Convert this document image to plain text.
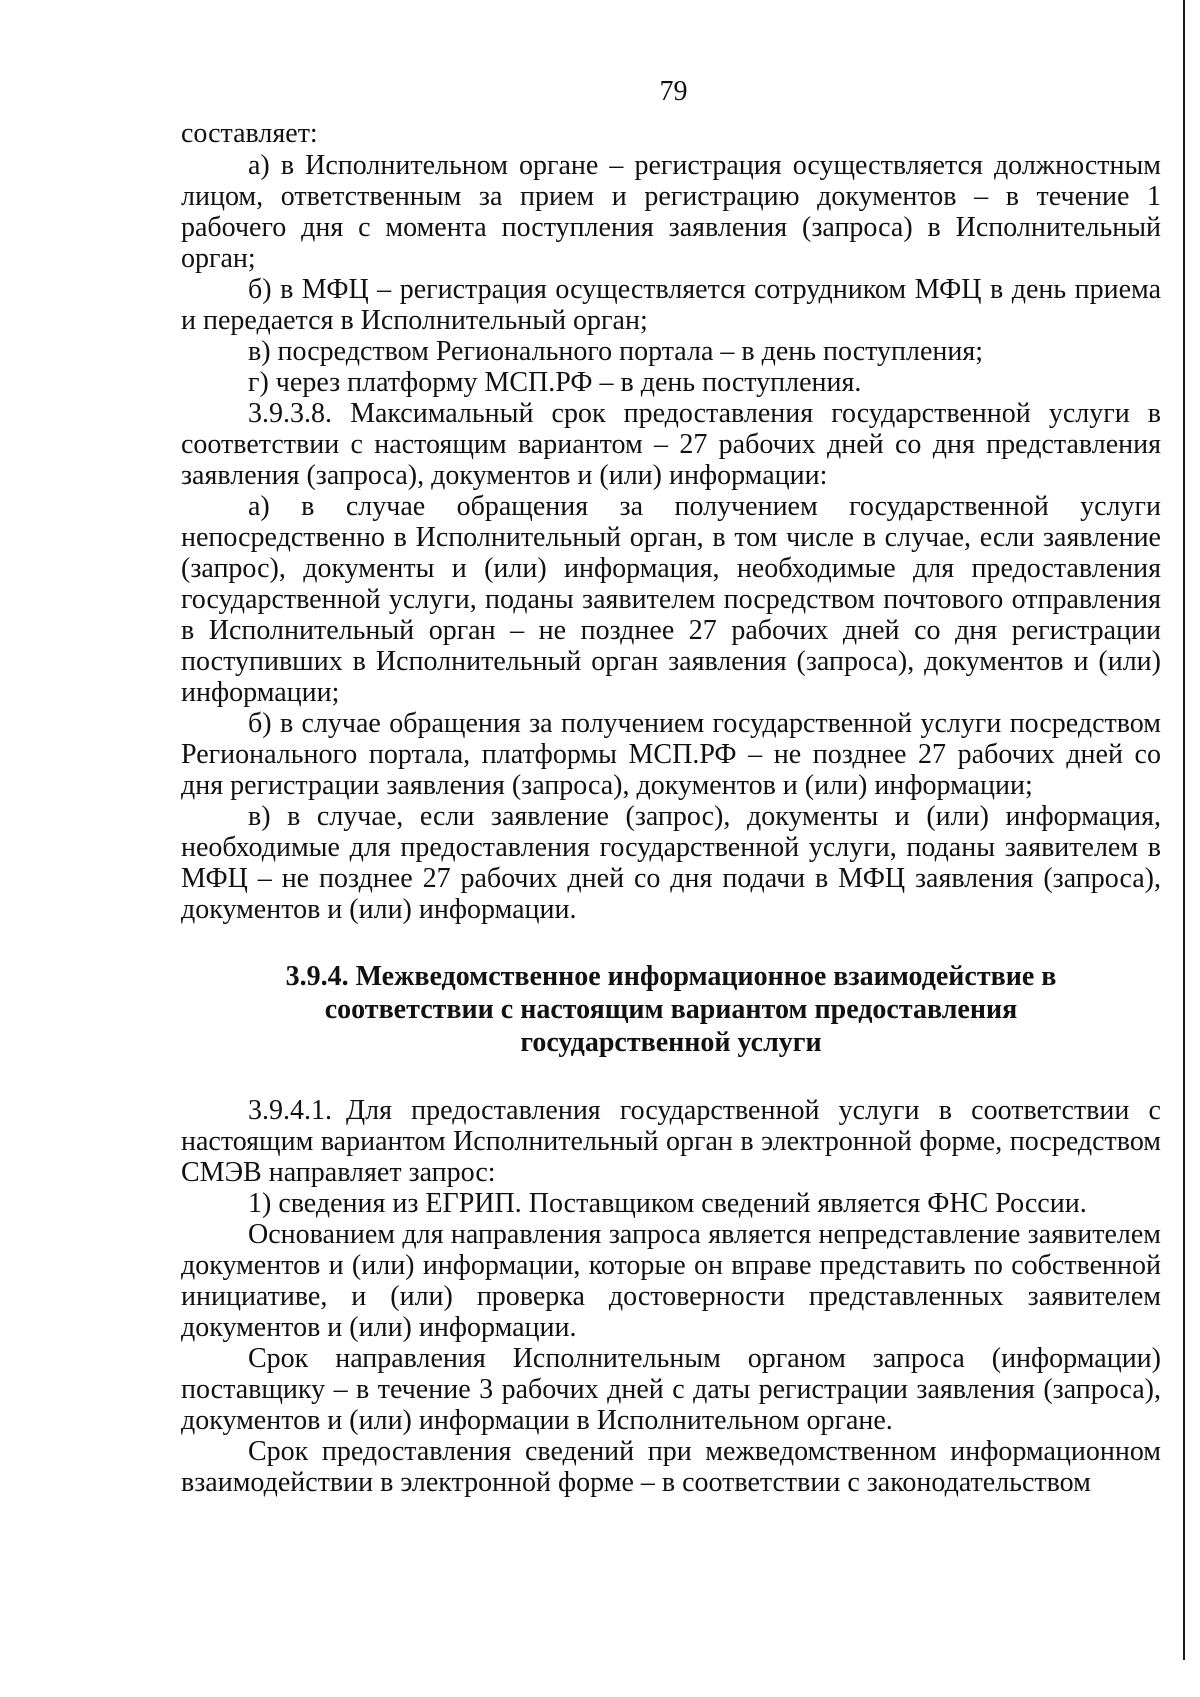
79

составляет:

а) в Исполнительном органе – регистрация осуществляется должностным лицом, ответственным за прием и регистрацию документов – в течение 1 рабочего дня с момента поступления заявления (запроса) в Исполнительный орган;

б) в МФЦ – регистрация осуществляется сотрудником МФЦ в день приема и передается в Исполнительный орган;

в) посредством Регионального портала – в день поступления;

г) через платформу МСП.РФ – в день поступления.

3.9.3.8. Максимальный срок предоставления государственной услуги в соответствии с настоящим вариантом – 27 рабочих дней со дня представления заявления (запроса), документов и (или) информации:

а) в случае обращения за получением государственной услуги непосредственно в Исполнительный орган, в том числе в случае, если заявление (запрос), документы и (или) информация, необходимые для предоставления государственной услуги, поданы заявителем посредством почтового отправления в Исполнительный орган – не позднее 27 рабочих дней со дня регистрации поступивших в Исполнительный орган заявления (запроса), документов и (или) информации;

б) в случае обращения за получением государственной услуги посредством Регионального портала, платформы МСП.РФ – не позднее 27 рабочих дней со дня регистрации заявления (запроса), документов и (или) информации;

в) в случае, если заявление (запрос), документы и (или) информация, необходимые для предоставления государственной услуги, поданы заявителем в МФЦ – не позднее 27 рабочих дней со дня подачи в МФЦ заявления (запроса), документов и (или) информации.

3.9.4. Межведомственное информационное взаимодействие в соответствии с настоящим вариантом предоставления государственной услуги

3.9.4.1. Для предоставления государственной услуги в соответствии с настоящим вариантом Исполнительный орган в электронной форме, посредством СМЭВ направляет запрос:

1) сведения из ЕГРИП. Поставщиком сведений является ФНС России.

Основанием для направления запроса является непредставление заявителем документов и (или) информации, которые он вправе представить по собственной инициативе, и (или) проверка достоверности представленных заявителем документов и (или) информации.

Срок направления Исполнительным органом запроса (информации) поставщику – в течение 3 рабочих дней с даты регистрации заявления (запроса), документов и (или) информации в Исполнительном органе.

Срок предоставления сведений при межведомственном информационном взаимодействии в электронной форме – в соответствии с законодательством
